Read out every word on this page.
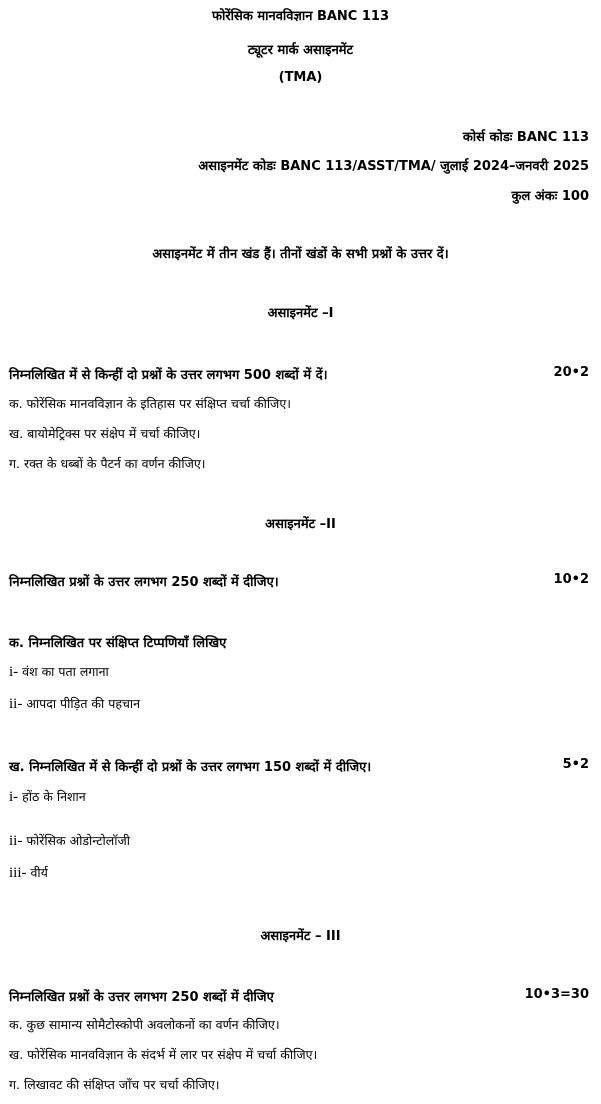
फोरेंसिक मानवविज्ञान BANC 113
ट्यूटर मार्क असाइनमेंट
(TMA)
कोर्स कोडः BANC 113
असाइनमेंट कोडः BANC 113/ASST/TMA/ जुलाई 2024–जनवरी 2025
कुल अंकः 100
असाइनमेंट में तीन खंड हैं। तीनों खंडों के सभी प्रश्नों के उत्तर दें।
असाइनमेंट –I
निम्नलिखित में से किन्हीं दो प्रश्नों के उत्तर लगभग 500 शब्दों में दें।	20•2
क. फोरेंसिक मानवविज्ञान के इतिहास पर संक्षिप्त चर्चा कीजिए।
ख. बायोमेट्रिक्स पर संक्षेप में चर्चा कीजिए।
ग. रक्त के धब्बों के पैटर्न का वर्णन कीजिए।
असाइनमेंट –II
निम्नलिखित प्रश्नों के उत्तर लगभग 250 शब्दों में दीजिए।	10•2
क. निम्नलिखित पर संक्षिप्त टिप्पणियाँ लिखिए
i- वंश का पता लगाना
ii- आपदा पीड़ित की पहचान
ख. निम्नलिखित में से किन्हीं दो प्रश्नों के उत्तर लगभग 150 शब्दों में दीजिए।	5•2
i- होंठ के निशान
ii- फोरेंसिक ओडोन्टोलॉजी
iii- वीर्य
असाइनमेंट – III
निम्नलिखित प्रश्नों के उत्तर लगभग 250 शब्दों में दीजिए	10•3=30
क. कुछ सामान्य सोमैटोस्कोपी अवलोकनों का वर्णन कीजिए।
ख. फोरेंसिक मानवविज्ञान के संदर्भ में लार पर संक्षेप में चर्चा कीजिए।
ग. लिखावट की संक्षिप्त जाँच पर चर्चा कीजिए।
